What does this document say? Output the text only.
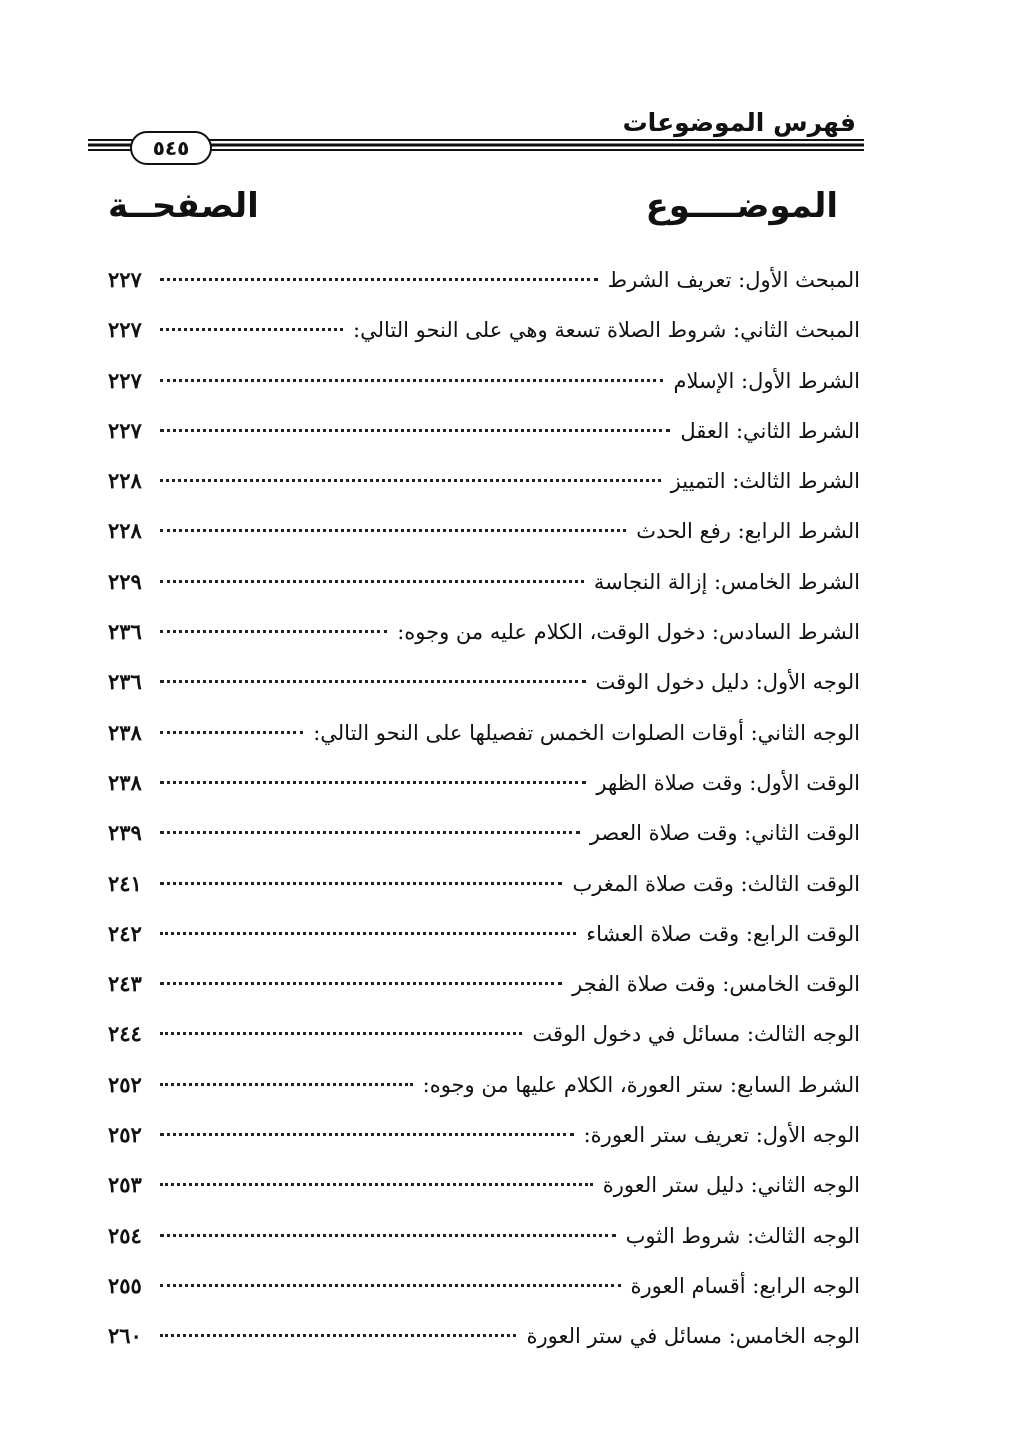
فهرس الموضوعات
٥٤٥
الموضــــوع
الصفحــة
المبحث الأول: تعريف الشرط
٢٢٧
المبحث الثاني: شروط الصلاة تسعة وهي على النحو التالي:
٢٢٧
الشرط الأول: الإسلام
٢٢٧
الشرط الثاني: العقل
٢٢٧
الشرط الثالث: التمييز
٢٢٨
الشرط الرابع: رفع الحدث
٢٢٨
الشرط الخامس: إزالة النجاسة
٢٢٩
الشرط السادس: دخول الوقت، الكلام عليه من وجوه:
٢٣٦
الوجه الأول: دليل دخول الوقت
٢٣٦
الوجه الثاني: أوقات الصلوات الخمس تفصيلها على النحو التالي:
٢٣٨
الوقت الأول: وقت صلاة الظهر
٢٣٨
الوقت الثاني: وقت صلاة العصر
٢٣٩
الوقت الثالث: وقت صلاة المغرب
٢٤١
الوقت الرابع: وقت صلاة العشاء
٢٤٢
الوقت الخامس: وقت صلاة الفجر
٢٤٣
الوجه الثالث: مسائل في دخول الوقت
٢٤٤
الشرط السابع: ستر العورة، الكلام عليها من وجوه:
٢٥٢
الوجه الأول: تعريف ستر العورة:
٢٥٢
الوجه الثاني: دليل ستر العورة
٢٥٣
الوجه الثالث: شروط الثوب
٢٥٤
الوجه الرابع: أقسام العورة
٢٥٥
الوجه الخامس: مسائل في ستر العورة
٢٦٠
